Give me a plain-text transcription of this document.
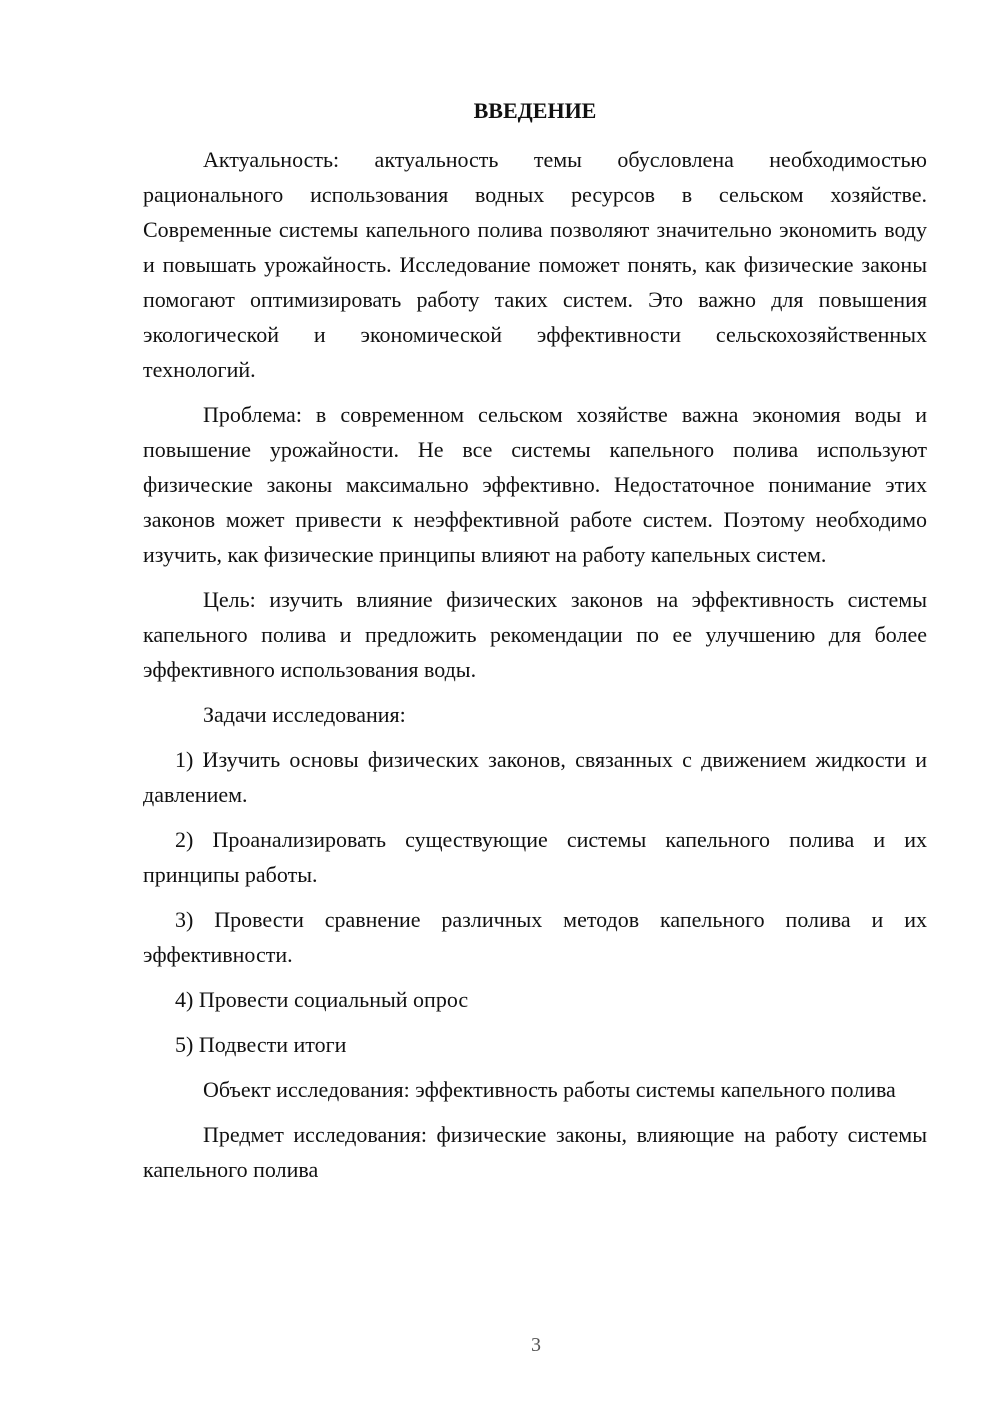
ВВЕДЕНИЕ

Актуальность: актуальность темы обусловлена необходимостью рационального использования водных ресурсов в сельском хозяйстве. Современные системы капельного полива позволяют значительно экономить воду и повышать урожайность. Исследование поможет понять, как физические законы помогают оптимизировать работу таких систем. Это важно для повышения экологической и экономической эффективности сельскохозяйственных технологий.

Проблема: в современном сельском хозяйстве важна экономия воды и повышение урожайности. Не все системы капельного полива используют физические законы максимально эффективно. Недостаточное понимание этих законов может привести к неэффективной работе систем. Поэтому необходимо изучить, как физические принципы влияют на работу капельных систем.

Цель: изучить влияние физических законов на эффективность системы капельного полива и предложить рекомендации по ее улучшению для более эффективного использования воды.

Задачи исследования:

1) Изучить основы физических законов, связанных с движением жидкости и давлением.

2) Проанализировать существующие системы капельного полива и их принципы работы.

3) Провести сравнение различных методов капельного полива и их эффективности.

4) Провести социальный опрос

5) Подвести итоги

Объект исследования: эффективность работы системы капельного полива

Предмет исследования: физические законы, влияющие на работу системы капельного полива

3
